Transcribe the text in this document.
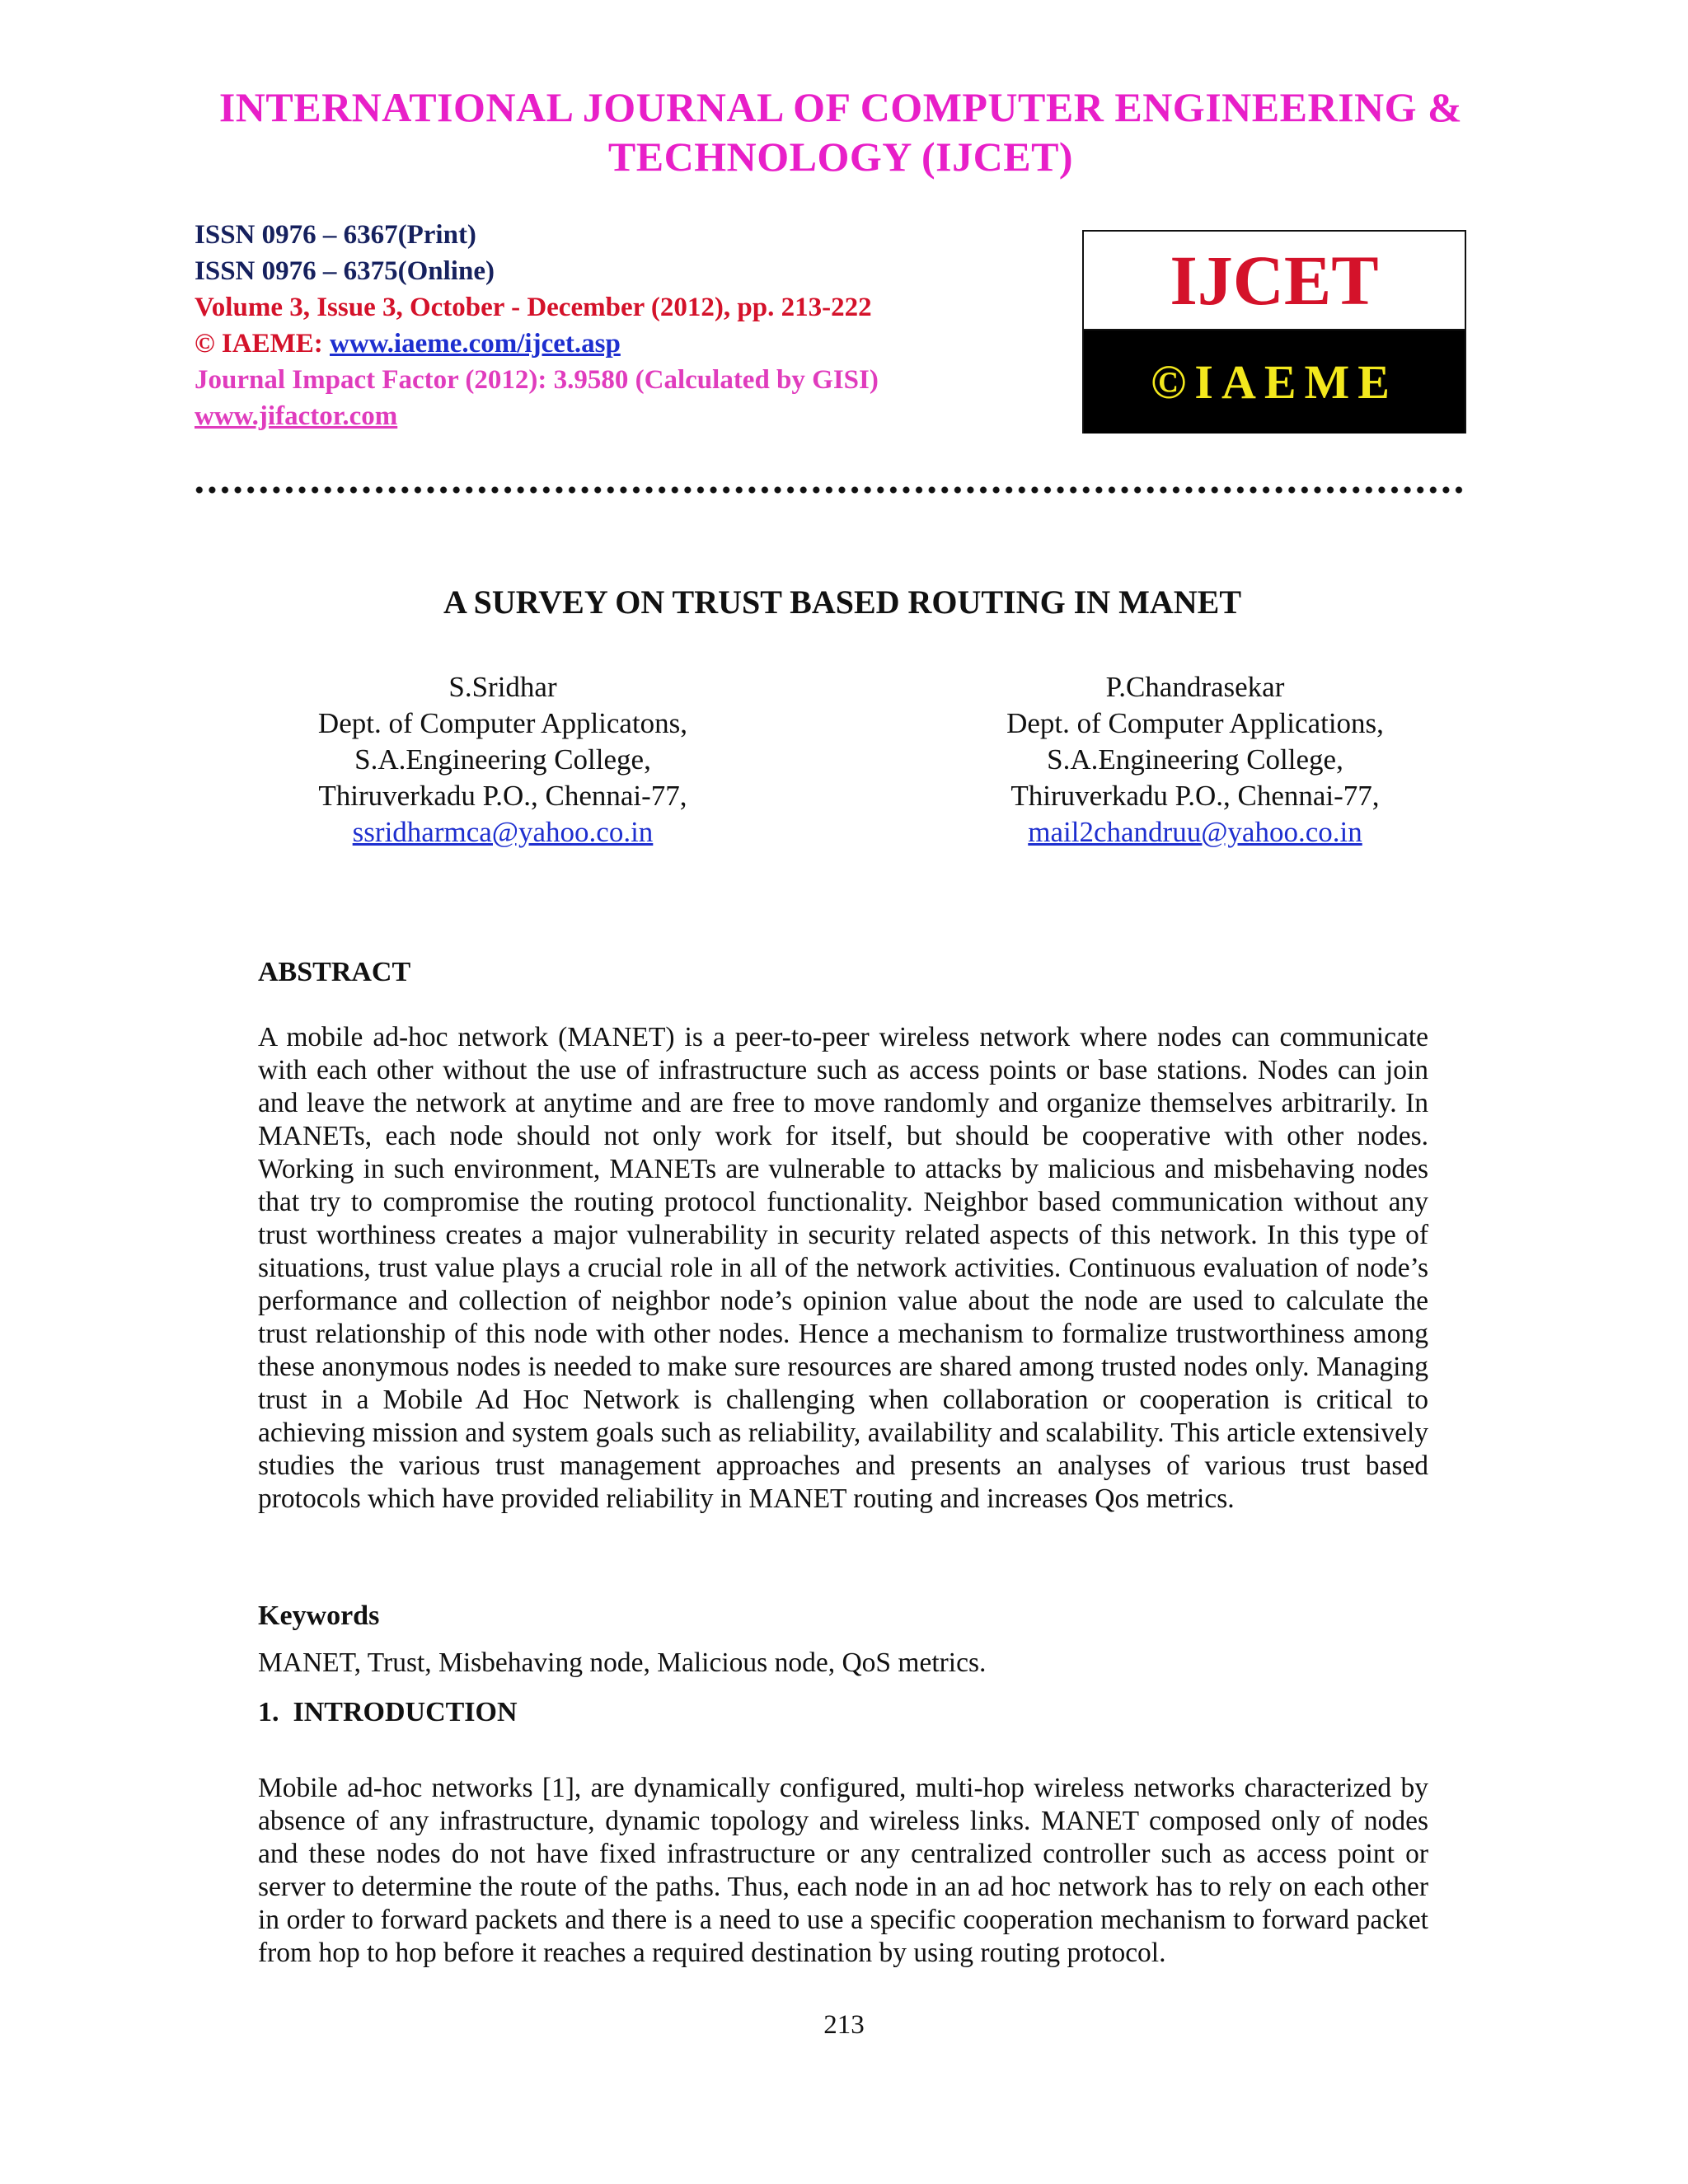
INTERNATIONAL JOURNAL OF COMPUTER ENGINEERING &
TECHNOLOGY (IJCET)
ISSN 0976 – 6367(Print)
ISSN 0976 – 6375(Online)
Volume 3, Issue 3, October - December (2012), pp. 213-222
© IAEME: www.iaeme.com/ijcet.asp
Journal Impact Factor (2012): 3.9580 (Calculated by GISI)
www.jifactor.com
IJCET
©IAEME
A SURVEY ON TRUST BASED ROUTING IN MANET
S.Sridhar
Dept. of Computer Applicatons,
S.A.Engineering College,
Thiruverkadu P.O., Chennai-77,
ssridharmca@yahoo.co.in
P.Chandrasekar
Dept. of Computer Applications,
S.A.Engineering College,
Thiruverkadu P.O., Chennai-77,
mail2chandruu@yahoo.co.in
ABSTRACT
A mobile ad-hoc network (MANET) is a peer-to-peer wireless network where nodes can communicate with each other without the use of infrastructure such as access points or base stations. Nodes can join and leave the network at anytime and are free to move randomly and organize themselves arbitrarily. In MANETs, each node should not only work for itself, but should be cooperative with other nodes. Working in such environment, MANETs are vulnerable to attacks by malicious and misbehaving nodes that try to compromise the routing protocol functionality. Neighbor based communication without any trust worthiness creates a major vulnerability in security related aspects of this network. In this type of situations, trust value plays a crucial role in all of the network activities. Continuous evaluation of node’s performance and collection of neighbor node’s opinion value about the node are used to calculate the trust relationship of this node with other nodes. Hence a mechanism to formalize trustworthiness among these anonymous nodes is needed to make sure resources are shared among trusted nodes only. Managing trust in a Mobile Ad Hoc Network is challenging when collaboration or cooperation is critical to achieving mission and system goals such as reliability, availability and scalability. This article extensively studies the various trust management approaches and presents an analyses of various trust based protocols which have provided reliability in MANET routing and increases Qos metrics.
Keywords
MANET, Trust, Misbehaving node, Malicious node, QoS metrics.
1.  INTRODUCTION
Mobile ad-hoc networks [1], are dynamically configured, multi-hop wireless networks characterized by absence of any infrastructure, dynamic topology and wireless links. MANET composed only of nodes and these nodes do not have fixed infrastructure or any centralized controller such as access point or server to determine the route of the paths. Thus, each node in an ad hoc network has to rely on each other in order to forward packets and there is a need to use a specific cooperation mechanism to forward packet from hop to hop before it reaches a required destination by using routing protocol.
213
